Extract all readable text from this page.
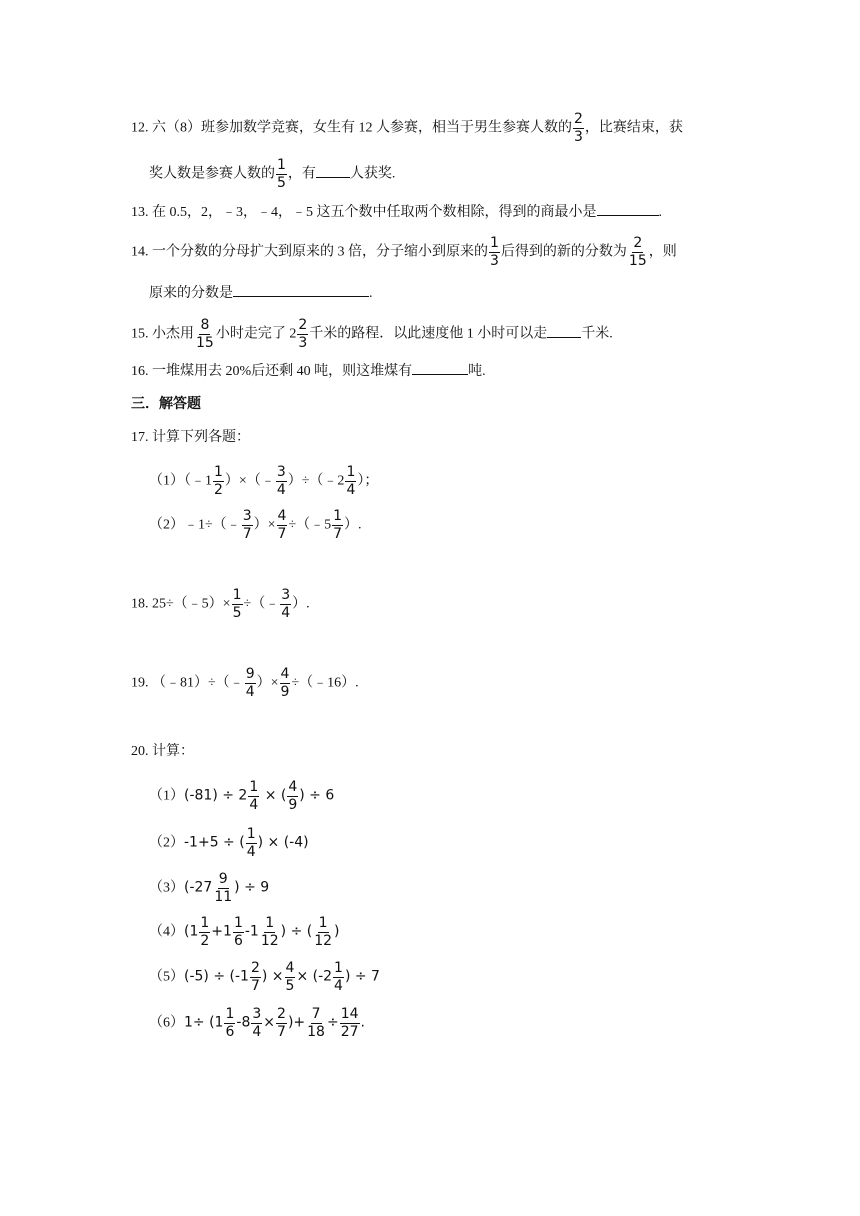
12. 六（8）班参加数学竞赛，女生有 12 人参赛，相当于男生参赛人数的 $\frac{2}{3}$ ，比赛结束，获
奖人数是参赛人数的 $\frac{1}{5}$ ，有 人获奖.
13. 在 0.5，2，﹣3，﹣4，﹣5 这五个数中任取两个数相除，得到的商最小是	.
14. 一个分数的分母扩大到原来的 3 倍，分子缩小到原来的 $\frac{1}{3}$ 后得到的新的分数为 $\frac{2}{15}$ ，则
原来的分数是	.
15. 小杰用 $\frac{8}{15}$ 小时走完了 $2 \frac{2}{3}$ 千米的路程．以此速度他 1 小时可以走 千米.
16. 一堆煤用去 20%后还剩 40 吨，则这堆煤有	吨.
三．解答题
17. 计算下列各题：
（1）（﹣1 $\frac{1}{2}$ ）×（﹣ $\frac{3}{4}$ ）÷（﹣2 $\frac{1}{4}$ ）；
（2）﹣1÷（﹣ $\frac{3}{7}$ ）× $\frac{4}{7}$ ÷（﹣5 $\frac{1}{7}$ ）.
18. 25÷（﹣5）× $\frac{1}{5}$ ÷（﹣ $\frac{3}{4}$ ）.
19. （﹣81）÷（﹣ $\frac{9}{4}$ ）× $\frac{4}{9}$ ÷（﹣16）.
20. 计算：
$(1)(-81) \div 2 \frac{1}{4}$ × ( $\frac{4}{9}$ ) ÷ 6
（2）-1+5 ÷ ( $\frac{1}{4}$ ) × (-4)
$(3)(-27 \frac{9}{11}$ ) ÷ 9
$(4)(1 \frac{1}{2} +1 \frac{1}{6} -1 \frac{1}{12}$ ) ÷ ( $\frac{1}{12}$ )
$(5)(-5) \div (-1 \frac{2}{7}$ ) × $\frac{4}{5} \times (-2 \frac{1}{4}$ ) ÷ 7
$(6)1\div (1 \frac{1}{6} -8 \frac{3}{4} \times \frac{2}{7}$ )+ $\frac{7}{18} \div \frac{14}{27}$ .
